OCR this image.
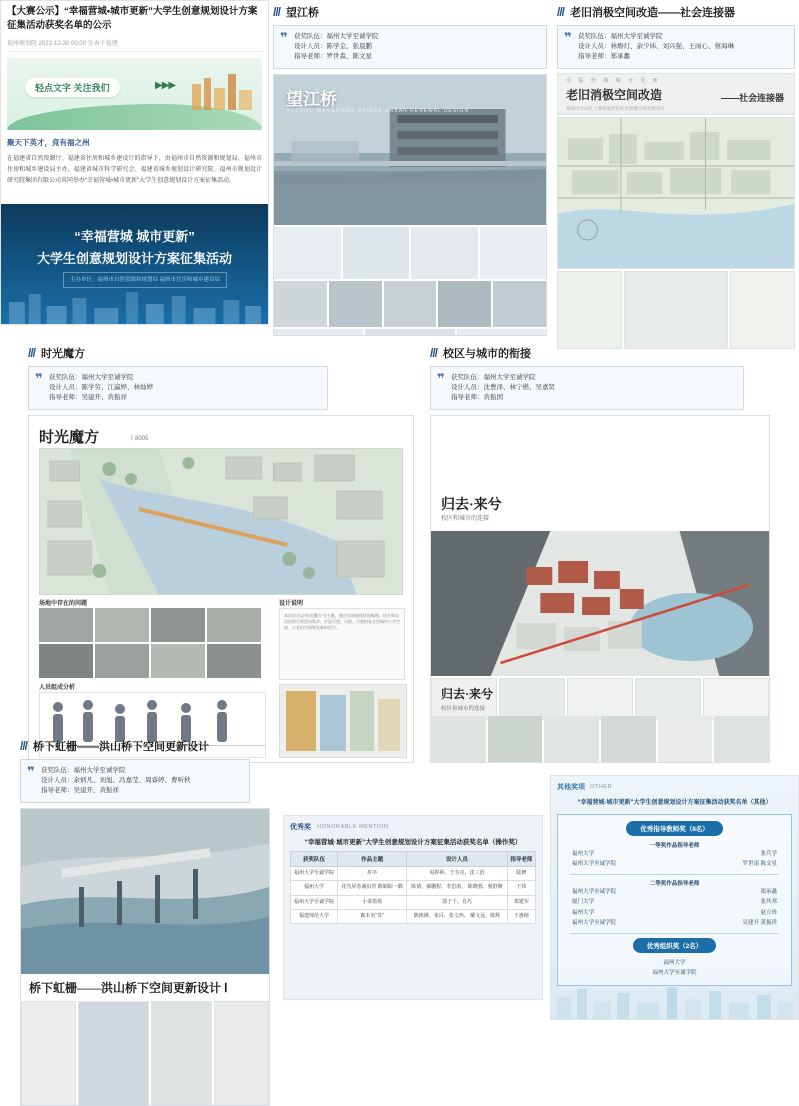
【大赛公示】“幸福营城•城市更新”大学生创意规划设计方案征集活动获奖名单的公示
福州规划院 2022-12-30 00:00 发表于福建
轻点文字 关注我们	▶▶▶
聚天下英才，竞有福之州
在福建省自然资源厅、福建省住房和城乡建设厅的指导下，由福州市自然资源和规划局、福州市住房和城乡建设局主办，福建省城市科学研究会、福建省城乡规划设计研究院、福州市规划设计研究院集团有限公司共同举办“幸福营城•城市更新”大学生创意规划设计方案征集活动。
“幸福营城 城市更新”
大学生创意规划设计方案征集活动
主办单位：福州市自然资源和规划局 福州市住房和城乡建设局
/// 望江桥
❞ 获奖队伍：福州大学至诚学院
设计人员：陈学金、张晨鹏
指导老师：罗世森、陈文星
望江桥
FUZHOU WANGJIANG BRIDGE URBAN RENEWAL DESIGN
/// 老旧消极空间改造——社会连接器
❞ 获奖队伍：福州大学至诚学院
设计人员：林燎灯、余少炜、刘兴强、王雨心、蔡海琳
指导老师：郑承蠡
幸 福 营 城 城 市 更 新
老旧消极空间改造	——社会连接器
福州市仓山区上渡街道老旧社区消极空间更新设计
/// 时光魔方
❞ 获奖队伍：福州大学至诚学院
设计人员：陈学劳、江瀛婷、林灿婷
指导老师：吴建开、黄振祥
时光魔方	丨8005
场地中存在的问题	设计说明
本次设计以“时光魔方”为主题，通过对场地现状的梳理，结合周边居民的日常活动需求，打造可变、可游、可憩的复合型城市公共空间，让老旧空间焕发新的活力。
人员组成分析
/// 校区与城市的衔接
❞ 获奖队伍：福州大学至诚学院
设计人员：沈豊泽、林宁楷、吴嘉贤
指导老师：黄振国
归去·来兮
校区和城市的连接
归去·来兮
校区和城市的连接
/// 桥下虹栅——洪山桥下空间更新设计
❞ 获奖队伍：福州大学至诚学院
设计人员：余炳凡、刘旭、冯嘉莹、周睿婷、曹听秋
指导老师：吴建开、黄振祥
桥下虹栅——洪山桥下空间更新设计 Ⅰ
优秀奖 HONORABLE MENTION
“幸福营城·城市更新”大学生创意规划设计方案征集活动获奖名单（操作奖）
获奖队伍	作品主题	设计人员	指导老师
福州大学至诚学院	圻亭	易婷婷、王有亮、沈三治	陆修
福州大学	花鸟屏苏满沿青 陈姻陌一隅	陈倩、郝鹏程、李思雨、 陈晓蓉、蔡舒姬	王炜
福州大学至诚学院	小菜篮篮	郭子千、肖巧	郑建军
福建师范大学	森木名“苏”	陈铭锋、朱目、张文西、 戴文远、陈辉	王惠榕
其他奖项 OTHER
“幸福营城·城市更新”大学生创意规划设计方案征集活动获奖名单（其他）
优秀指导教师奖（8名）
一等奖作品指导老师
福州大学	张兵学
福州大学至诚学院	罗世南 陈文星
二等奖作品指导老师
福州大学至诚学院	郑承蠡
厦门大学	张其邦
福州大学	赵立珍
福州大学至诚学院	吴建开 黄振祥
优秀组织奖（2名）
福州大学
福州大学至诚学院
